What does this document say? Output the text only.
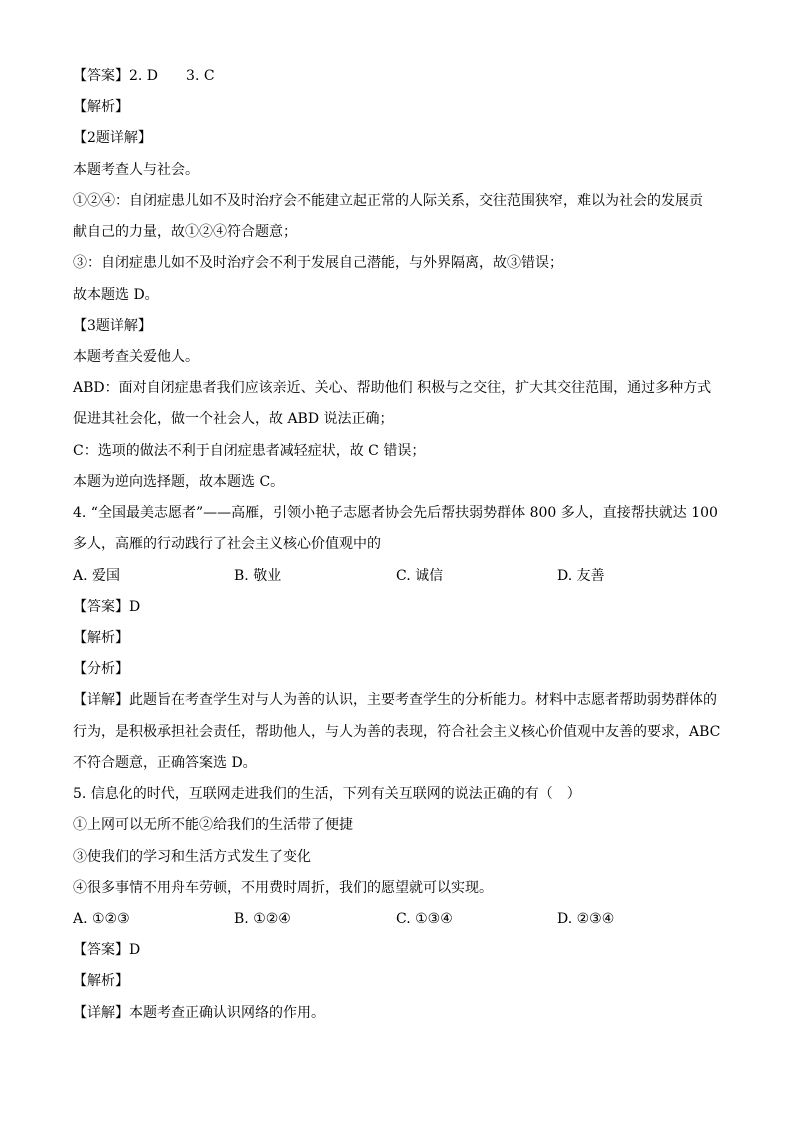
【答案】2. D　　3. C
【解析】
【2题详解】
本题考查人与社会。
①②④：自闭症患儿如不及时治疗会不能建立起正常的人际关系，交往范围狭窄，难以为社会的发展贡
献自己的力量，故①②④符合题意；
③：自闭症患儿如不及时治疗会不利于发展自己潜能，与外界隔离，故③错误；
故本题选 D。
【3题详解】
本题考查关爱他人。
ABD：面对自闭症患者我们应该亲近、关心、帮助他们 积极与之交往，扩大其交往范围，通过多种方式
促进其社会化，做一个社会人，故 ABD 说法正确；
C：选项的做法不利于自闭症患者减轻症状，故 C 错误；
本题为逆向选择题，故本题选 C。
4. “全国最美志愿者”——高雁，引领小艳子志愿者协会先后帮扶弱势群体 800 多人，直接帮扶就达 100
多人，高雁的行动践行了社会主义核心价值观中的
A. 爱国	B. 敬业	C. 诚信	D. 友善
【答案】D
【解析】
【分析】
【详解】此题旨在考查学生对与人为善的认识，主要考查学生的分析能力。材料中志愿者帮助弱势群体的
行为，是积极承担社会责任，帮助他人，与人为善的表现，符合社会主义核心价值观中友善的要求，ABC
不符合题意，正确答案选 D。
5. 信息化的时代，互联网走进我们的生活，下列有关互联网的说法正确的有（　）
①上网可以无所不能②给我们的生活带了便捷
③使我们的学习和生活方式发生了变化
④很多事情不用舟车劳顿，不用费时周折，我们的愿望就可以实现。
A. ①②③	B. ①②④	C. ①③④	D. ②③④
【答案】D
【解析】
【详解】本题考查正确认识网络的作用。
